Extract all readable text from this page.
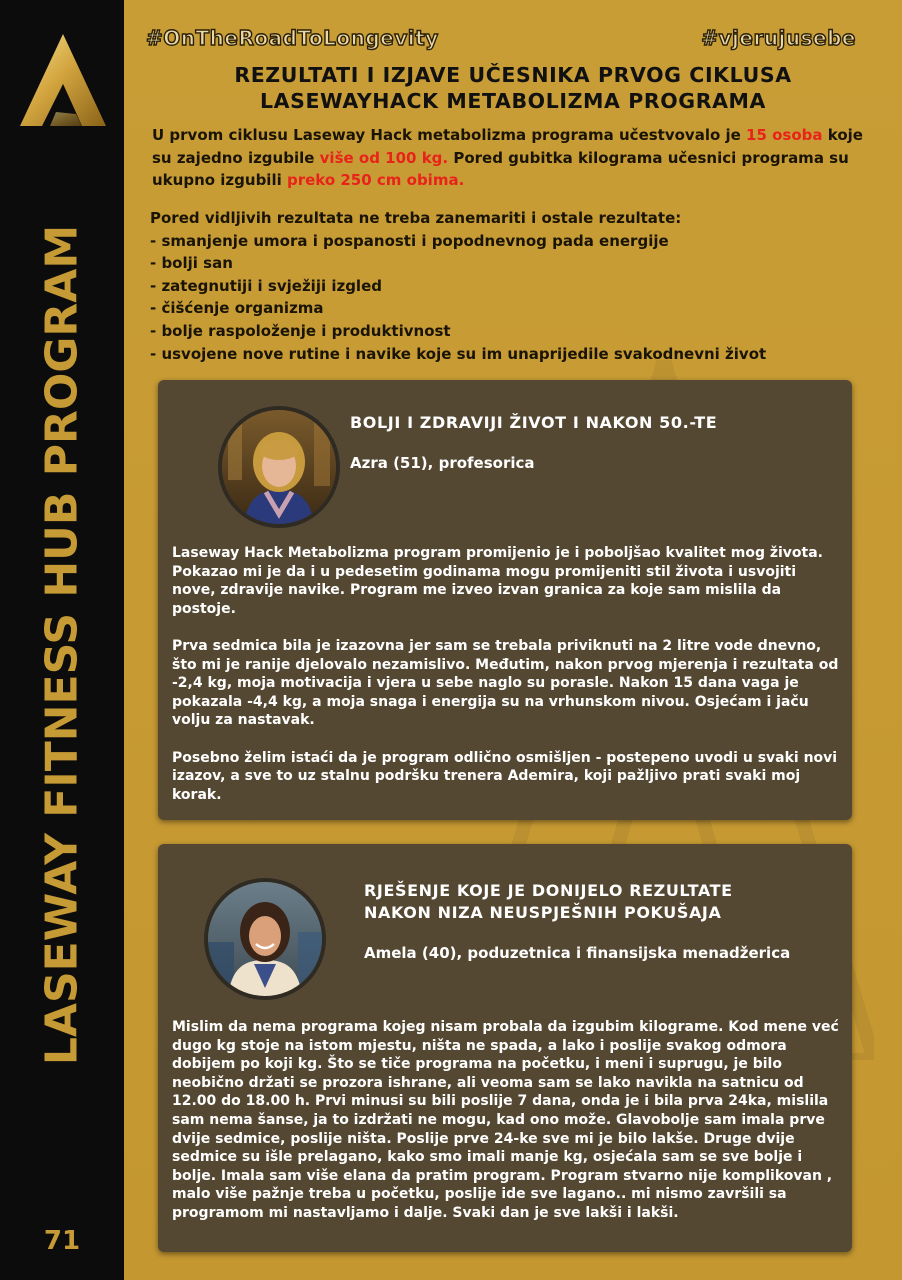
LASEWAY FITNESS HUB PROGRAM
71
#OnTheRoadToLongevity	#vjerujusebe
REZULTATI I IZJAVE UČESNIKA PRVOG CIKLUSA
LASEWAYHACK METABOLIZMA PROGRAMA
U prvom ciklusu Laseway Hack metabolizma programa učestvovalo je 15 osoba koje su zajedno izgubile više od 100 kg. Pored gubitka kilograma učesnici programa su ukupno izgubili preko 250 cm obima.
Pored vidljivih rezultata ne treba zanemariti i ostale rezultate:
- smanjenje umora i pospanosti i popodnevnog pada energije
- bolji san
- zategnutiji i svježiji izgled
- čišćenje organizma
- bolje raspoloženje i produktivnost
- usvojene nove rutine i navike koje su im unaprijedile svakodnevni život
BOLJI I ZDRAVIJI ŽIVOT I NAKON 50.-TE
Azra (51), profesorica

Laseway Hack Metabolizma program promijenio je i poboljšao kvalitet mog života. Pokazao mi je da i u pedesetim godinama mogu promijeniti stil života i usvojiti nove, zdravije navike. Program me izveo izvan granica za koje sam mislila da postoje.

Prva sedmica bila je izazovna jer sam se trebala priviknuti na 2 litre vode dnevno, što mi je ranije djelovalo nezamislivo. Međutim, nakon prvog mjerenja i rezultata od -2,4 kg, moja motivacija i vjera u sebe naglo su porasle. Nakon 15 dana vaga je pokazala -4,4 kg, a moja snaga i energija su na vrhunskom nivou. Osjećam i jaču volju za nastavak.

Posebno želim istaći da je program odlično osmišljen - postepeno uvodi u svaki novi izazov, a sve to uz stalnu podršku trenera Ademira, koji pažljivo prati svaki moj korak.

RJEŠENJE KOJE JE DONIJELO REZULTATE
NAKON NIZA NEUSPJEŠNIH POKUŠAJA
Amela (40), poduzetnica i finansijska menadžerica

Mislim da nema programa kojeg nisam probala da izgubim kilograme. Kod mene već dugo kg stoje na istom mjestu, ništa ne spada, a lako i poslije svakog odmora dobijem po koji kg. Što se tiče programa na početku, i meni i suprugu, je bilo neobično držati se prozora ishrane, ali veoma sam se lako navikla na satnicu od 12.00 do 18.00 h. Prvi minusi su bili poslije 7 dana, onda je i bila prva 24ka, mislila sam nema šanse, ja to izdržati ne mogu, kad ono može. Glavobolje sam imala prve dvije sedmice, poslije ništa. Poslije prve 24-ke sve mi je bilo lakše. Druge dvije sedmice su išle prelagano, kako smo imali manje kg, osjećala sam se sve bolje i bolje. Imala sam više elana da pratim program. Program stvarno nije komplikovan , malo više pažnje treba u početku, poslije ide sve lagano.. mi nismo završili sa programom mi nastavljamo i dalje. Svaki dan je sve lakši i lakši.
